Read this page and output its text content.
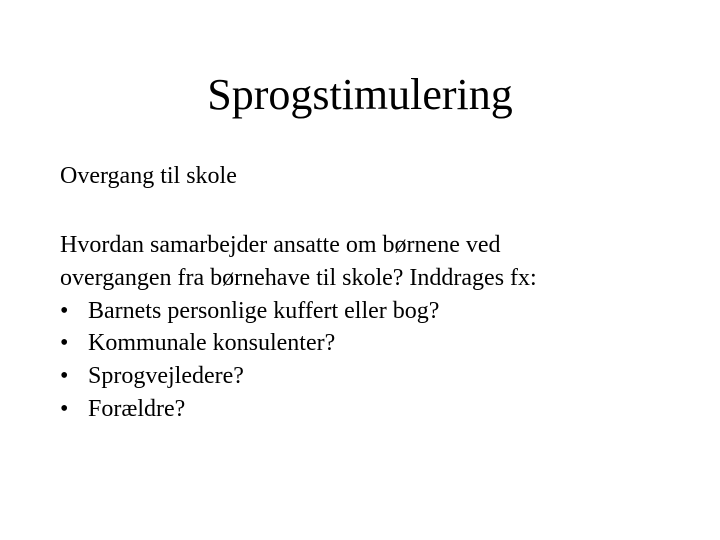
Sprogstimulering

Overgang til skole

Hvordan samarbejder ansatte om børnene ved
overgangen fra børnehave til skole? Inddrages fx:
• Barnets personlige kuffert eller bog?
• Kommunale konsulenter?
• Sprogvejledere?
• Forældre?
